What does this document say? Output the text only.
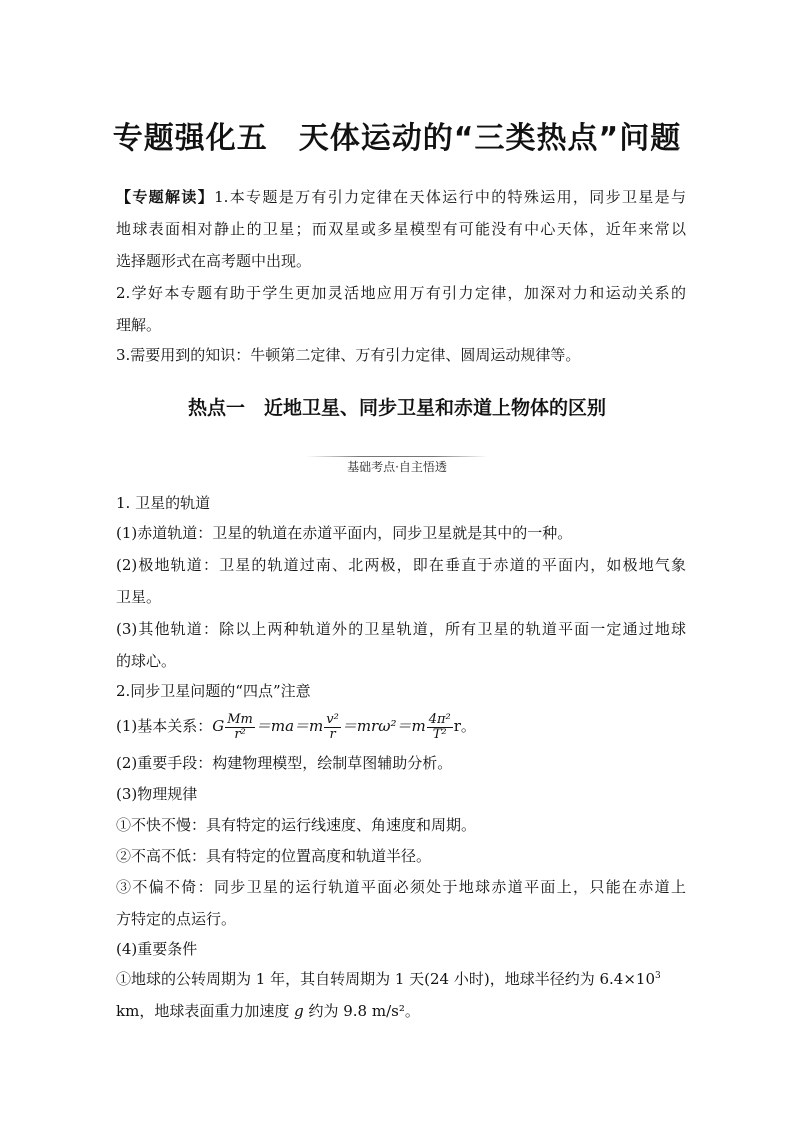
专题强化五　天体运动的“三类热点”问题
【专题解读】1.本专题是万有引力定律在天体运行中的特殊运用，同步卫星是与
地球表面相对静止的卫星；而双星或多星模型有可能没有中心天体，近年来常以
选择题形式在高考题中出现。
2.学好本专题有助于学生更加灵活地应用万有引力定律，加深对力和运动关系的
理解。
3.需要用到的知识：牛顿第二定律、万有引力定律、圆周运动规律等。
热点一　近地卫星、同步卫星和赤道上物体的区别
基础考点·自主悟透
1. 卫星的轨道
(1)赤道轨道：卫星的轨道在赤道平面内，同步卫星就是其中的一种。
(2)极地轨道：卫星的轨道过南、北两极，即在垂直于赤道的平面内，如极地气象
卫星。
(3)其他轨道：除以上两种轨道外的卫星轨道，所有卫星的轨道平面一定通过地球
的球心。
2.同步卫星问题的“四点”注意
(1)基本关系：G $\frac{Mm}{\text{r²}} =ma=m \frac{\text{v²}}{r} =mr\omega^2=m \frac{\text{4π²}}{\text{T²}}$ r。
(2)重要手段：构建物理模型，绘制草图辅助分析。
(3)物理规律
①不快不慢：具有特定的运行线速度、角速度和周期。
②不高不低：具有特定的位置高度和轨道半径。
③不偏不倚：同步卫星的运行轨道平面必须处于地球赤道平面上，只能在赤道上
方特定的点运行。
(4)重要条件
①地球的公转周期为 1 年，其自转周期为 1 天(24 小时)，地球半径约为 $6.4\times 10^3$
km，地球表面重力加速度 g 约为 9.8 m/s²。
